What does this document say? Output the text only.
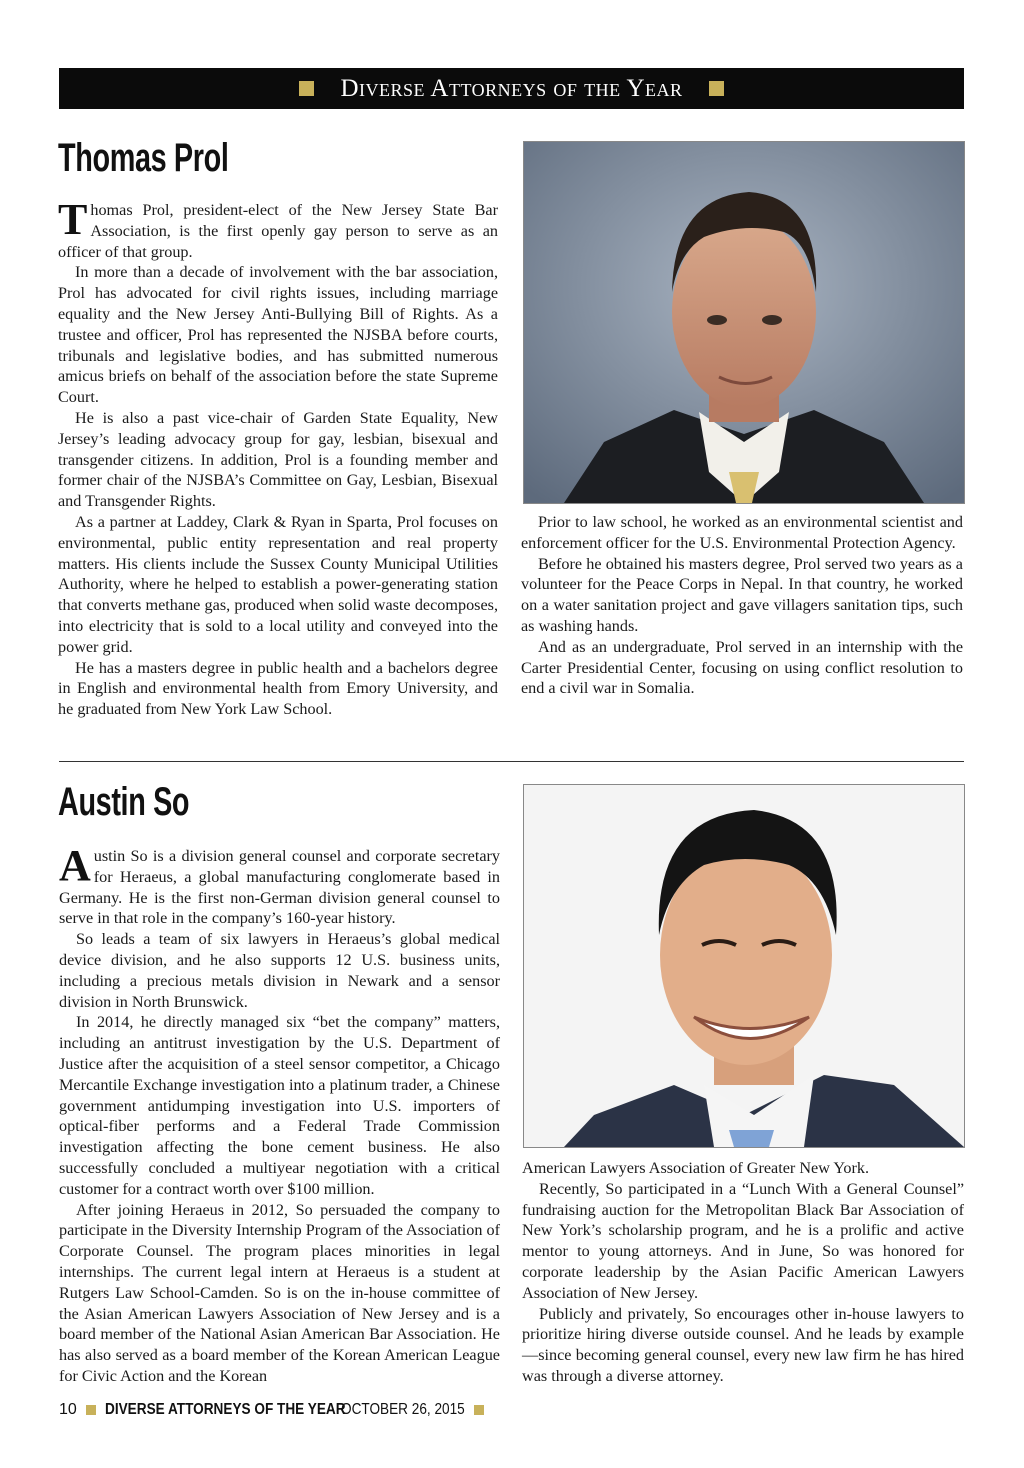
Diverse Attorneys of the Year
Thomas Prol

Thomas Prol, president-elect of the New Jersey State Bar Association, is the first openly gay person to serve as an officer of that group.

In more than a decade of involvement with the bar association, Prol has advocated for civil rights issues, including marriage equality and the New Jersey Anti-Bullying Bill of Rights. As a trustee and officer, Prol has represented the NJSBA before courts, tribunals and legislative bodies, and has submitted numerous amicus briefs on behalf of the association before the state Supreme Court.

He is also a past vice-chair of Garden State Equality, New Jersey’s leading advocacy group for gay, lesbian, bisexual and transgender citizens. In addition, Prol is a founding member and former chair of the NJSBA’s Committee on Gay, Lesbian, Bisexual and Transgender Rights.

As a partner at Laddey, Clark & Ryan in Sparta, Prol focuses on environmental, public entity representation and real property matters. His clients include the Sussex County Municipal Utilities Authority, where he helped to establish a power-generating station that converts methane gas, produced when solid waste decomposes, into electricity that is sold to a local utility and conveyed into the power grid.

He has a masters degree in public health and a bachelors degree in English and environmental health from Emory University, and he graduated from New York Law School.

Prior to law school, he worked as an environmental scientist and enforcement officer for the U.S. Environmental Protection Agency.

Before he obtained his masters degree, Prol served two years as a volunteer for the Peace Corps in Nepal. In that country, he worked on a water sanitation project and gave villagers sanitation tips, such as washing hands.

And as an undergraduate, Prol served in an internship with the Carter Presidential Center, focusing on using conflict resolution to end a civil war in Somalia.

Austin So

Austin So is a division general counsel and corporate secretary for Heraeus, a global manufacturing conglomerate based in Germany. He is the first non-German division general counsel to serve in that role in the company’s 160-year history.

So leads a team of six lawyers in Heraeus’s global medical device division, and he also supports 12 U.S. business units, including a precious metals division in Newark and a sensor division in North Brunswick.

In 2014, he directly managed six “bet the company” matters, including an antitrust investigation by the U.S. Department of Justice after the acquisition of a steel sensor competitor, a Chicago Mercantile Exchange investigation into a platinum trader, a Chinese government antidumping investigation into U.S. importers of optical-fiber performs and a Federal Trade Commission investigation affecting the bone cement business. He also successfully concluded a multiyear negotiation with a critical customer for a contract worth over $100 million.

After joining Heraeus in 2012, So persuaded the company to participate in the Diversity Internship Program of the Association of Corporate Counsel. The program places minorities in legal internships. The current legal intern at Heraeus is a student at Rutgers Law School-Camden. So is on the in-house committee of the Asian American Lawyers Association of New Jersey and is a board member of the National Asian American Bar Association. He has also served as a board member of the Korean American League for Civic Action and the Korean

American Lawyers Association of Greater New York.

Recently, So participated in a “Lunch With a General Counsel” fundraising auction for the Metropolitan Black Bar Association of New York’s scholarship program, and he is a prolific and active mentor to young attorneys. And in June, So was honored for corporate leadership by the Asian Pacific American Lawyers Association of New Jersey.

Publicly and privately, So encourages other in-house lawyers to prioritize hiring diverse outside counsel. And he leads by example—since becoming general counsel, every new law firm he has hired was through a diverse attorney.

10 DIVERSE ATTORNEYS OF THE YEAR
OCTOBER 26, 2015
